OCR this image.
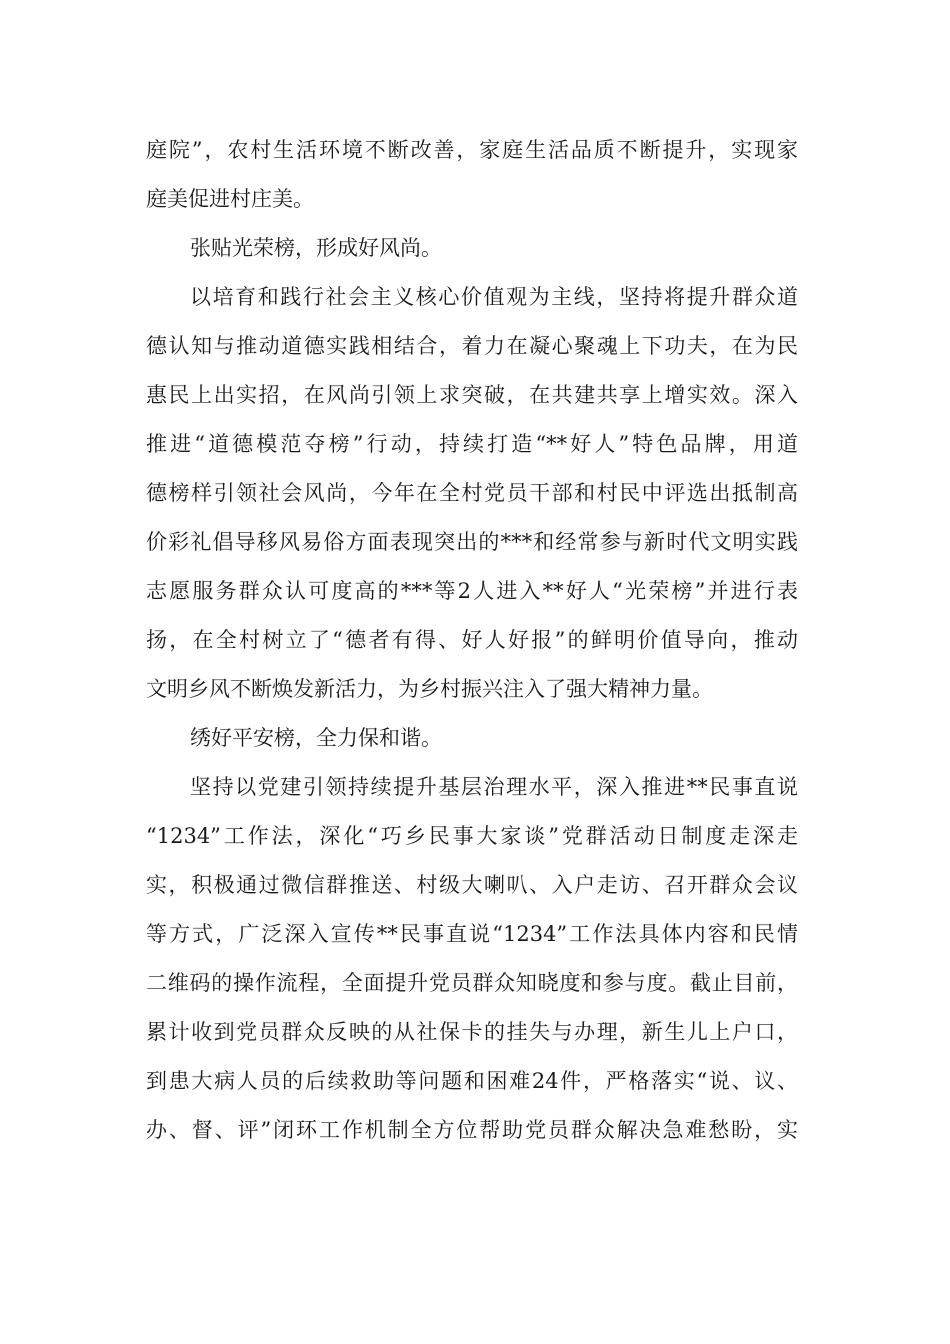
庭院”，农村生活环境不断改善，家庭生活品质不断提升，实现家
庭美促进村庄美。
张贴光荣榜，形成好风尚。
以培育和践行社会主义核心价值观为主线，坚持将提升群众道
德认知与推动道德实践相结合，着力在凝心聚魂上下功夫，在为民
惠民上出实招，在风尚引领上求突破，在共建共享上增实效。深入
推进“道德模范夺榜”行动，持续打造“**好人”特色品牌，用道
德榜样引领社会风尚，今年在全村党员干部和村民中评选出抵制高
价彩礼倡导移风易俗方面表现突出的***和经常参与新时代文明实践
志愿服务群众认可度高的***等2人进入**好人“光荣榜”并进行表
扬，在全村树立了“德者有得、好人好报”的鲜明价值导向，推动
文明乡风不断焕发新活力，为乡村振兴注入了强大精神力量。
绣好平安榜，全力保和谐。
坚持以党建引领持续提升基层治理水平，深入推进**民事直说
“1234”工作法，深化“巧乡民事大家谈”党群活动日制度走深走
实，积极通过微信群推送、村级大喇叭、入户走访、召开群众会议
等方式，广泛深入宣传**民事直说“1234”工作法具体内容和民情
二维码的操作流程，全面提升党员群众知晓度和参与度。截止目前，
累计收到党员群众反映的从社保卡的挂失与办理，新生儿上户口，
到患大病人员的后续救助等问题和困难24件，严格落实“说、议、
办、督、评”闭环工作机制全方位帮助党员群众解决急难愁盼，实
